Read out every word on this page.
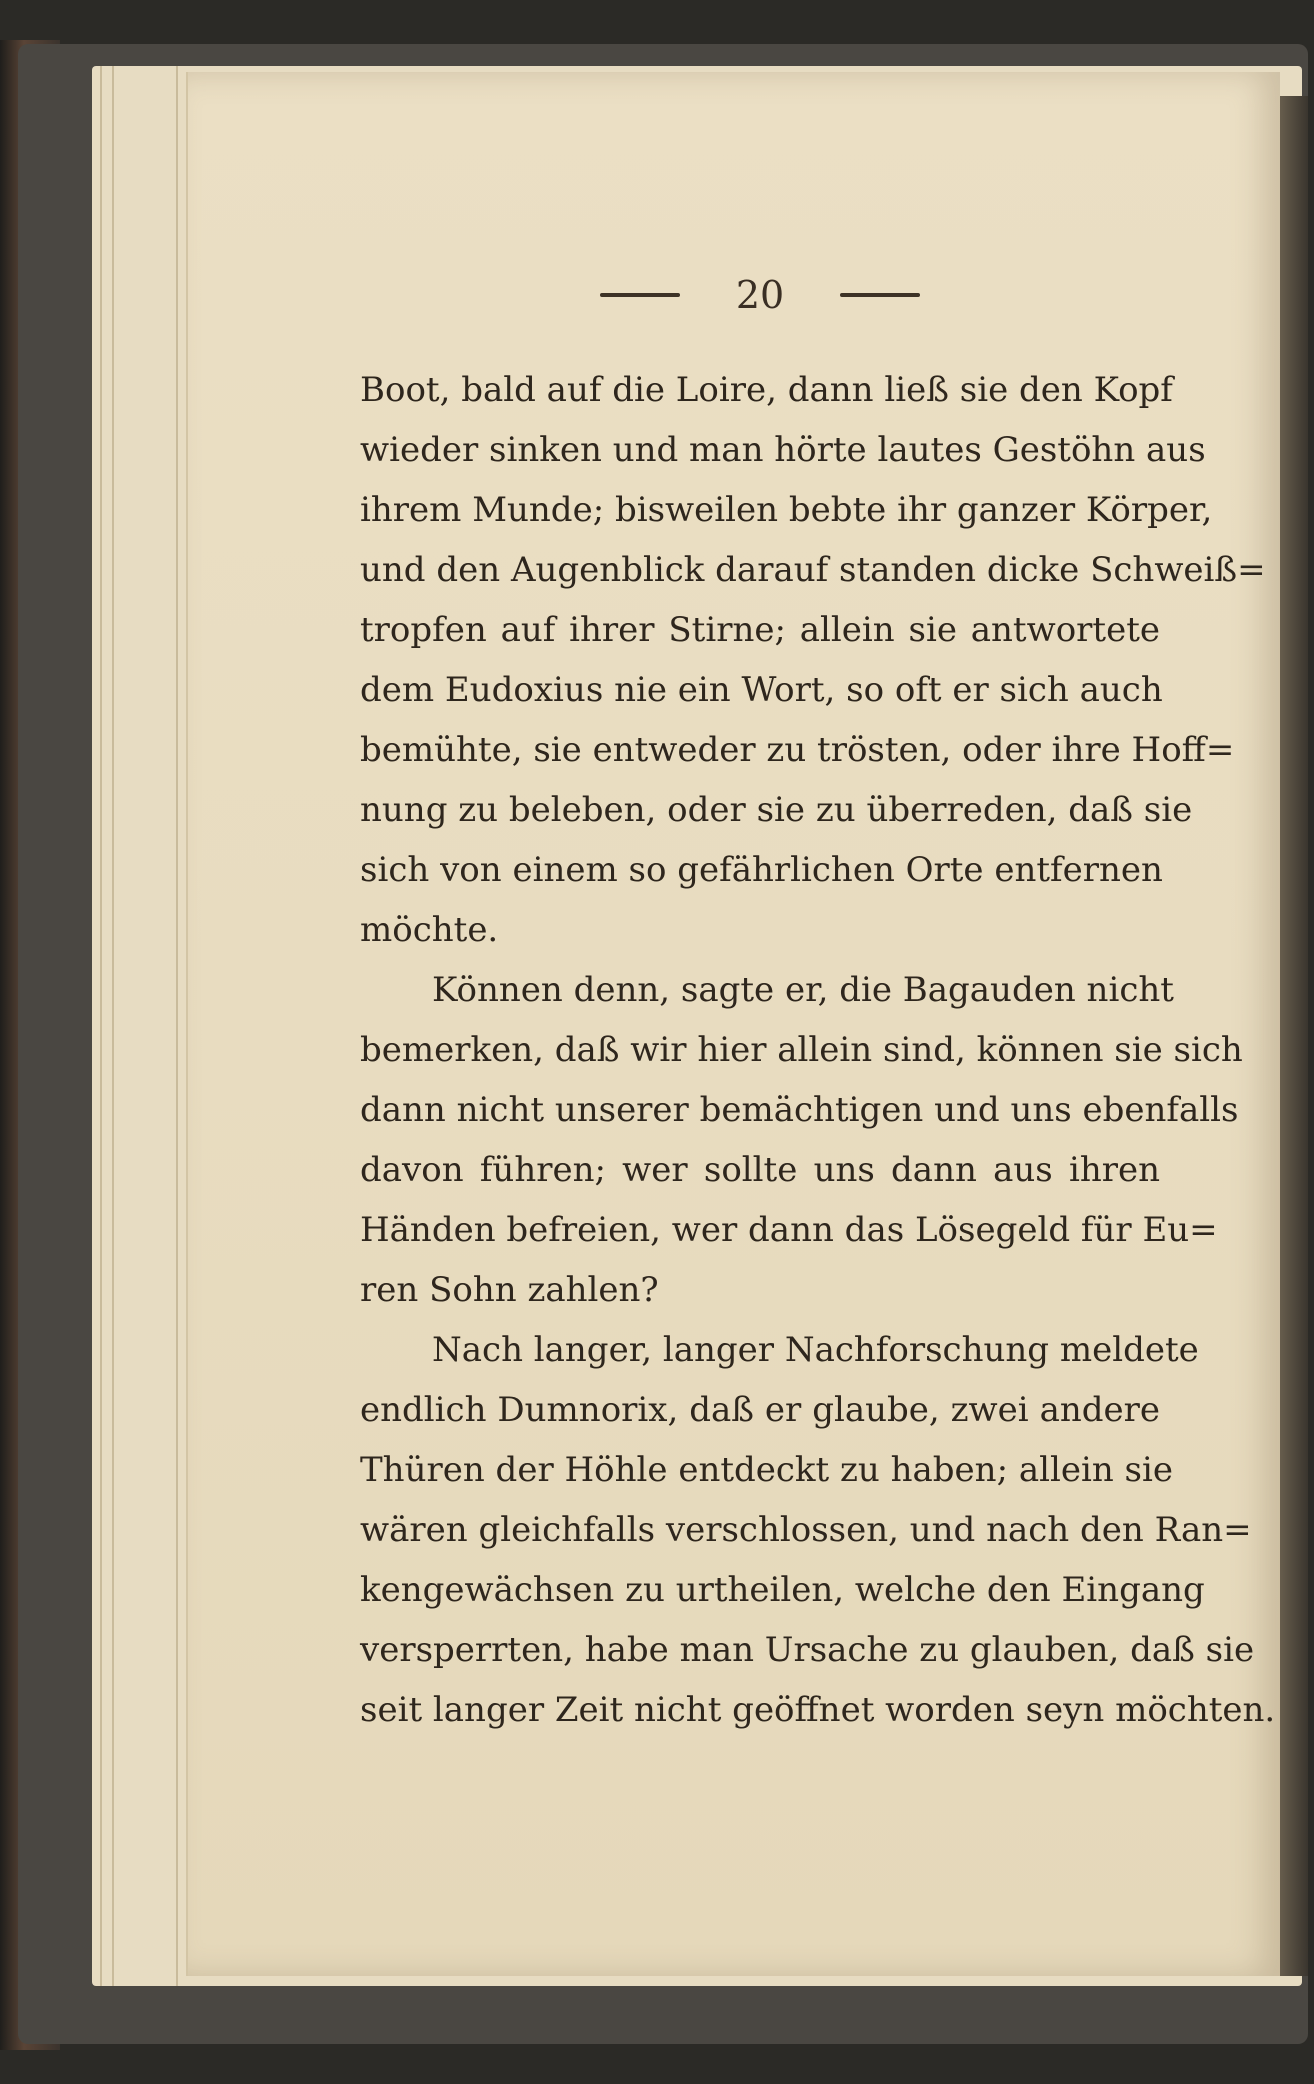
20
Boot, bald auf die Loire, dann ließ sie den Kopf
wieder sinken und man hörte lautes Gestöhn aus
ihrem Munde; bisweilen bebte ihr ganzer Körper,
und den Augenblick darauf standen dicke Schweiß=
tropfen auf ihrer Stirne; allein sie antwortete
dem Eudoxius nie ein Wort, so oft er sich auch
bemühte, sie entweder zu trösten, oder ihre Hoff=
nung zu beleben, oder sie zu überreden, daß sie
sich von einem so gefährlichen Orte entfernen
möchte.
Können denn, sagte er, die Bagauden nicht
bemerken, daß wir hier allein sind, können sie sich
dann nicht unserer bemächtigen und uns ebenfalls
davon führen; wer sollte uns dann aus ihren
Händen befreien, wer dann das Lösegeld für Eu=
ren Sohn zahlen?
Nach langer, langer Nachforschung meldete
endlich Dumnorix, daß er glaube, zwei andere
Thüren der Höhle entdeckt zu haben; allein sie
wären gleichfalls verschlossen, und nach den Ran=
kengewächsen zu urtheilen, welche den Eingang
versperrten, habe man Ursache zu glauben, daß sie
seit langer Zeit nicht geöffnet worden seyn möchten.
